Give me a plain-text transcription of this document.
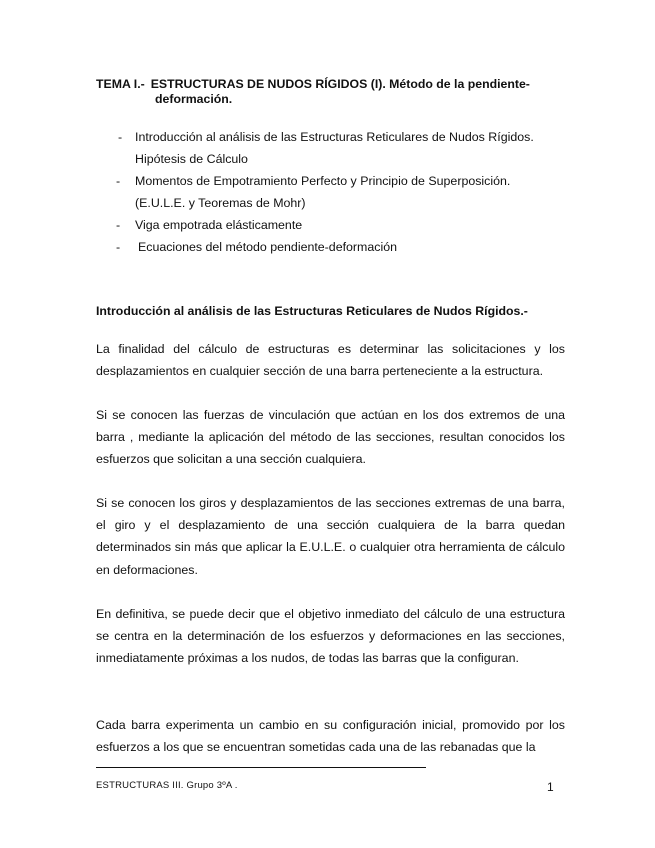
TEMA I.- ESTRUCTURAS DE NUDOS RÍGIDOS (I). Método de la pendiente-
deformación.
- Introducción al análisis de las Estructuras Reticulares de Nudos Rígidos.
Hipótesis de Cálculo
- Momentos de Empotramiento Perfecto y Principio de Superposición.
(E.U.L.E. y Teoremas de Mohr)
- Viga empotrada elásticamente
- Ecuaciones del método pendiente-deformación
Introducción al análisis de las Estructuras Reticulares de Nudos Rígidos.-

La finalidad del cálculo de estructuras es determinar las solicitaciones y los desplazamientos en cualquier sección de una barra perteneciente a la estructura.

Si se conocen las fuerzas de vinculación que actúan en los dos extremos de una barra , mediante la aplicación del método de las secciones, resultan conocidos los esfuerzos que solicitan a una sección cualquiera.

Si se conocen los giros y desplazamientos de las secciones extremas de una barra, el giro y el desplazamiento de una sección cualquiera de la barra quedan determinados sin más que aplicar la E.U.L.E. o cualquier otra herramienta de cálculo en deformaciones.

En definitiva, se puede decir que el objetivo inmediato del cálculo de una estructura se centra en la determinación de los esfuerzos y deformaciones en las secciones, inmediatamente próximas a los nudos, de todas las barras que la configuran.

Cada barra experimenta un cambio en su configuración inicial, promovido por los esfuerzos a los que se encuentran sometidas cada una de las rebanadas que la

ESTRUCTURAS III. Grupo 3ºA .	1
